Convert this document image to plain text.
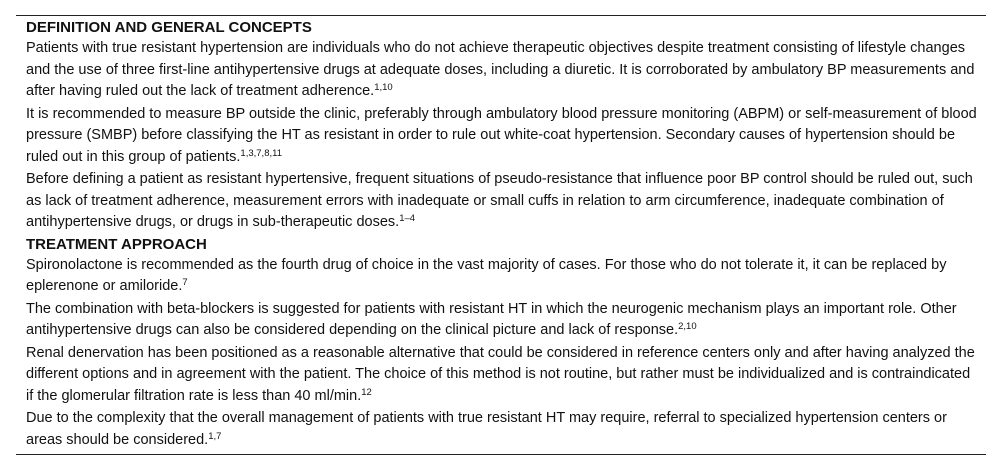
DEFINITION AND GENERAL CONCEPTS

Patients with true resistant hypertension are individuals who do not achieve therapeutic objectives despite treatment consisting of lifestyle changes and the use of three first-line antihypertensive drugs at adequate doses, including a diuretic. It is corroborated by ambulatory BP measurements and after having ruled out the lack of treatment adherence.$^{1,10}$

It is recommended to measure BP outside the clinic, preferably through ambulatory blood pressure monitoring (ABPM) or self-measurement of blood pressure (SMBP) before classifying the HT as resistant in order to rule out white-coat hypertension. Secondary causes of hypertension should be ruled out in this group of patients.$^{1,3,7,8,11}$

Before defining a patient as resistant hypertensive, frequent situations of pseudo-resistance that influence poor BP control should be ruled out, such as lack of treatment adherence, measurement errors with inadequate or small cuffs in relation to arm circumference, inadequate combination of antihypertensive drugs, or drugs in sub-therapeutic doses.$^{1-4}$

TREATMENT APPROACH

Spironolactone is recommended as the fourth drug of choice in the vast majority of cases. For those who do not tolerate it, it can be replaced by eplerenone or amiloride.$^7$

The combination with beta-blockers is suggested for patients with resistant HT in which the neurogenic mechanism plays an important role. Other antihypertensive drugs can also be considered depending on the clinical picture and lack of response.$^{2,10}$

Renal denervation has been positioned as a reasonable alternative that could be considered in reference centers only and after having analyzed the different options and in agreement with the patient. The choice of this method is not routine, but rather must be individualized and is contraindicated if the glomerular filtration rate is less than 40 ml/min.$^{12}$

Due to the complexity that the overall management of patients with true resistant HT may require, referral to specialized hypertension centers or areas should be considered.$^{1,7}$
